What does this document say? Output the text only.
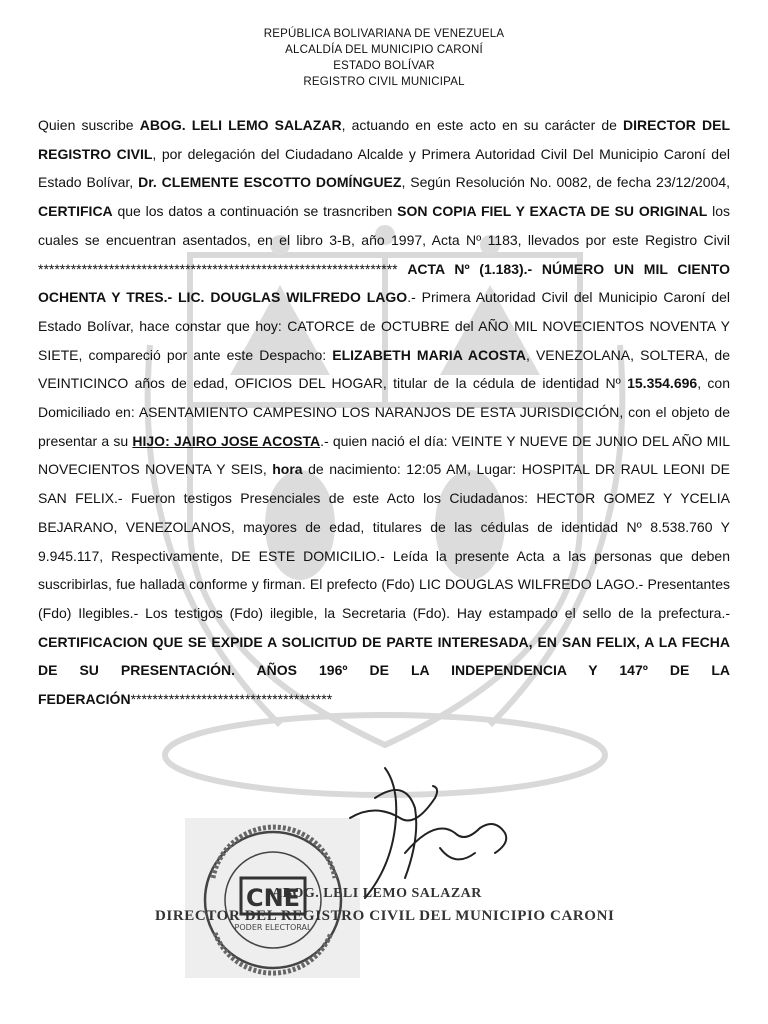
REPÚBLICA BOLIVARIANA DE VENEZUELA
ALCALDÍA DEL MUNICIPIO CARONÍ
ESTADO BOLÍVAR
REGISTRO CIVIL MUNICIPAL
Quien suscribe ABOG. LELI LEMO SALAZAR, actuando en este acto en su carácter de DIRECTOR DEL REGISTRO CIVIL, por delegación del Ciudadano Alcalde y Primera Autoridad Civil Del Municipio Caroní del Estado Bolívar, Dr. CLEMENTE ESCOTTO DOMÍNGUEZ, Según Resolución No. 0082, de fecha 23/12/2004, CERTIFICA que los datos a continuación se trasncriben SON COPIA FIEL Y EXACTA DE SU ORIGINAL los cuales se encuentran asentados, en el libro 3-B, año 1997, Acta Nº 1183, llevados por este Registro Civil ****************************************************************** ACTA Nº (1.183).- NÚMERO UN MIL CIENTO OCHENTA Y TRES.- LIC. DOUGLAS WILFREDO LAGO.- Primera Autoridad Civil del Municipio Caroní del Estado Bolívar, hace constar que hoy: CATORCE de OCTUBRE del AÑO MIL NOVECIENTOS NOVENTA Y SIETE, compareció por ante este Despacho: ELIZABETH MARIA ACOSTA, VENEZOLANA, SOLTERA, de VEINTICINCO años de edad, OFICIOS DEL HOGAR, titular de la cédula de identidad Nº 15.354.696, con Domiciliado en: ASENTAMIENTO CAMPESINO LOS NARANJOS DE ESTA JURISDICCIÓN, con el objeto de presentar a su HIJO: JAIRO JOSE ACOSTA.- quien nació el día: VEINTE Y NUEVE DE JUNIO DEL AÑO MIL NOVECIENTOS NOVENTA Y SEIS, hora de nacimiento: 12:05 AM, Lugar: HOSPITAL DR RAUL LEONI DE SAN FELIX.- Fueron testigos Presenciales de este Acto los Ciudadanos: HECTOR GOMEZ Y YCELIA BEJARANO, VENEZOLANOS, mayores de edad, titulares de las cédulas de identidad Nº 8.538.760 Y 9.945.117, Respectivamente, DE ESTE DOMICILIO.- Leída la presente Acta a las personas que deben suscribirlas, fue hallada conforme y firman. El prefecto (Fdo) LIC DOUGLAS WILFREDO LAGO.- Presentantes (Fdo) Ilegibles.- Los testigos (Fdo) ilegible, la Secretaria (Fdo). Hay estampado el sello de la prefectura.- CERTIFICACION QUE SE EXPIDE A SOLICITUD DE PARTE INTERESADA, EN SAN FELIX, A LA FECHA DE SU PRESENTACIÓN. AÑOS 196º DE LA INDEPENDENCIA Y 147º DE LA FEDERACIÓN*************************************
CNE
PODER ELECTORAL
ABOG. LELI LEMO SALAZAR
DIRECTOR DEL REGISTRO CIVIL DEL MUNICIPIO CARONI
